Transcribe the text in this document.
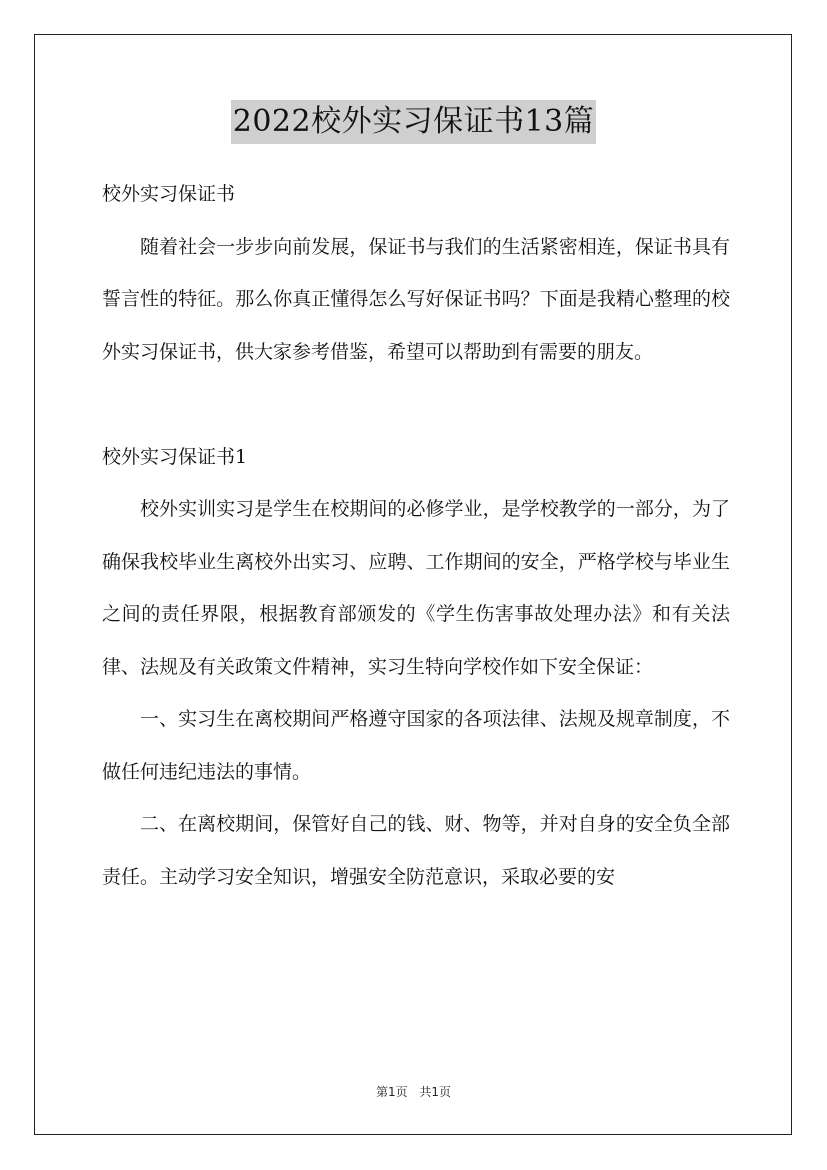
2022校外实习保证书13篇

校外实习保证书

随着社会一步步向前发展，保证书与我们的生活紧密相连，保证书具有誓言性的特征。那么你真正懂得怎么写好保证书吗？下面是我精心整理的校外实习保证书，供大家参考借鉴，希望可以帮助到有需要的朋友。

校外实习保证书1

校外实训实习是学生在校期间的必修学业，是学校教学的一部分，为了确保我校毕业生离校外出实习、应聘、工作期间的安全，严格学校与毕业生之间的责任界限，根据教育部颁发的《学生伤害事故处理办法》和有关法律、法规及有关政策文件精神，实习生特向学校作如下安全保证：

一、实习生在离校期间严格遵守国家的各项法律、法规及规章制度，不做任何违纪违法的事情。

二、在离校期间，保管好自己的钱、财、物等，并对自身的安全负全部责任。主动学习安全知识，增强安全防范意识，采取必要的安

第1页 共1页
